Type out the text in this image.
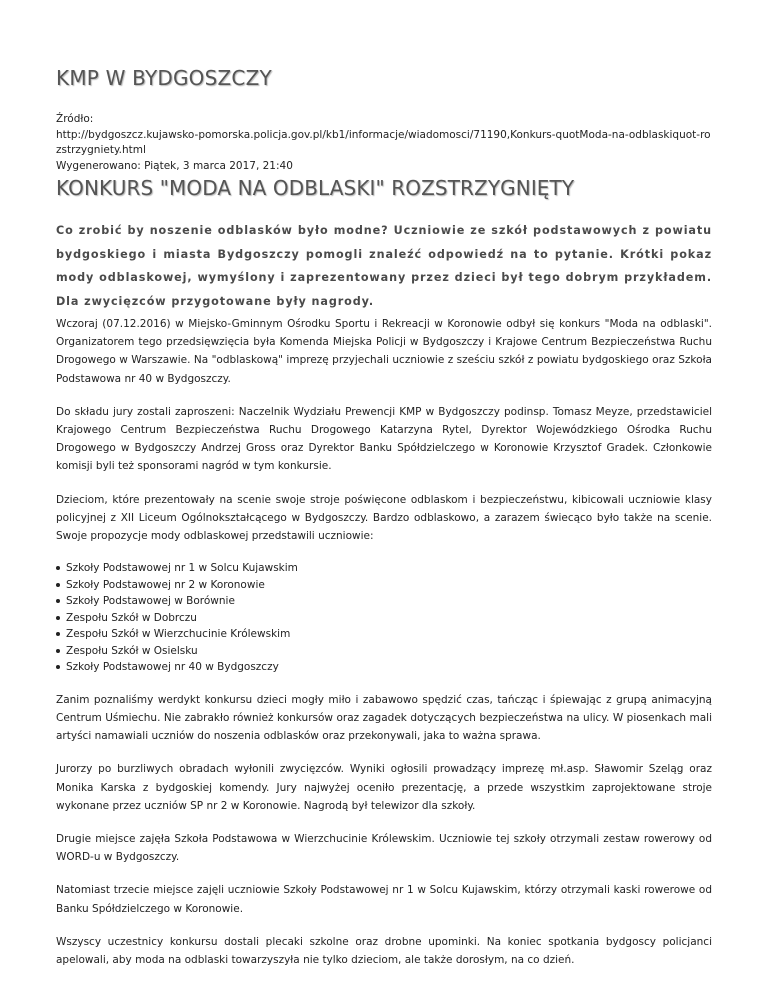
KMP W BYDGOSZCZY
Źródło:
http://bydgoszcz.kujawsko-pomorska.policja.gov.pl/kb1/informacje/wiadomosci/71190,Konkurs-quotModa-na-odblaskiquot-rozstrzygniety.html
Wygenerowano: Piątek, 3 marca 2017, 21:40
KONKURS "MODA NA ODBLASKI" ROZSTRZYGNIĘTY

Co zrobić by noszenie odblasków było modne? Uczniowie ze szkół podstawowych z powiatu bydgoskiego i miasta Bydgoszczy pomogli znaleźć odpowiedź na to pytanie. Krótki pokaz mody odblaskowej, wymyślony i zaprezentowany przez dzieci był tego dobrym przykładem. Dla zwycięzców przygotowane były nagrody.

Wczoraj (07.12.2016) w Miejsko-Gminnym Ośrodku Sportu i Rekreacji w Koronowie odbył się konkurs "Moda na odblaski". Organizatorem tego przedsięwzięcia była Komenda Miejska Policji w Bydgoszczy i Krajowe Centrum Bezpieczeństwa Ruchu Drogowego w Warszawie. Na "odblaskową" imprezę przyjechali uczniowie z sześciu szkół z powiatu bydgoskiego oraz Szkoła Podstawowa nr 40 w Bydgoszczy.

Do składu jury zostali zaproszeni: Naczelnik Wydziału Prewencji KMP w Bydgoszczy podinsp. Tomasz Meyze, przedstawiciel Krajowego Centrum Bezpieczeństwa Ruchu Drogowego Katarzyna Rytel, Dyrektor Wojewódzkiego Ośrodka Ruchu Drogowego w Bydgoszczy Andrzej Gross oraz Dyrektor Banku Spółdzielczego w Koronowie Krzysztof Gradek. Członkowie komisji byli też sponsorami nagród w tym konkursie.

Dzieciom, które prezentowały na scenie swoje stroje poświęcone odblaskom i bezpieczeństwu, kibicowali uczniowie klasy policyjnej z XII Liceum Ogólnokształcącego w Bydgoszczy. Bardzo odblaskowo, a zarazem świecąco było także na scenie. Swoje propozycje mody odblaskowej przedstawili uczniowie:

Szkoły Podstawowej nr 1 w Solcu Kujawskim
Szkoły Podstawowej nr 2 w Koronowie
Szkoły Podstawowej w Borównie
Zespołu Szkół w Dobrczu
Zespołu Szkół w Wierzchucinie Królewskim
Zespołu Szkół w Osielsku
Szkoły Podstawowej nr 40 w Bydgoszczy

Zanim poznaliśmy werdykt konkursu dzieci mogły miło i zabawowo spędzić czas, tańcząc i śpiewając z grupą animacyjną Centrum Uśmiechu. Nie zabrakło również konkursów oraz zagadek dotyczących bezpieczeństwa na ulicy. W piosenkach mali artyści namawiali uczniów do noszenia odblasków oraz przekonywali, jaka to ważna sprawa.

Jurorzy po burzliwych obradach wyłonili zwycięzców. Wyniki ogłosili prowadzący imprezę mł.asp. Sławomir Szeląg oraz Monika Karska z bydgoskiej komendy. Jury najwyżej oceniło prezentację, a przede wszystkim zaprojektowane stroje wykonane przez uczniów SP nr 2 w Koronowie. Nagrodą był telewizor dla szkoły.

Drugie miejsce zajęła Szkoła Podstawowa w Wierzchucinie Królewskim. Uczniowie tej szkoły otrzymali zestaw rowerowy od WORD-u w Bydgoszczy.

Natomiast trzecie miejsce zajęli uczniowie Szkoły Podstawowej nr 1 w Solcu Kujawskim, którzy otrzymali kaski rowerowe od Banku Spółdzielczego w Koronowie.

Wszyscy uczestnicy konkursu dostali plecaki szkolne oraz drobne upominki. Na koniec spotkania bydgoscy policjanci apelowali, aby moda na odblaski towarzyszyła nie tylko dzieciom, ale także dorosłym, na co dzień.
